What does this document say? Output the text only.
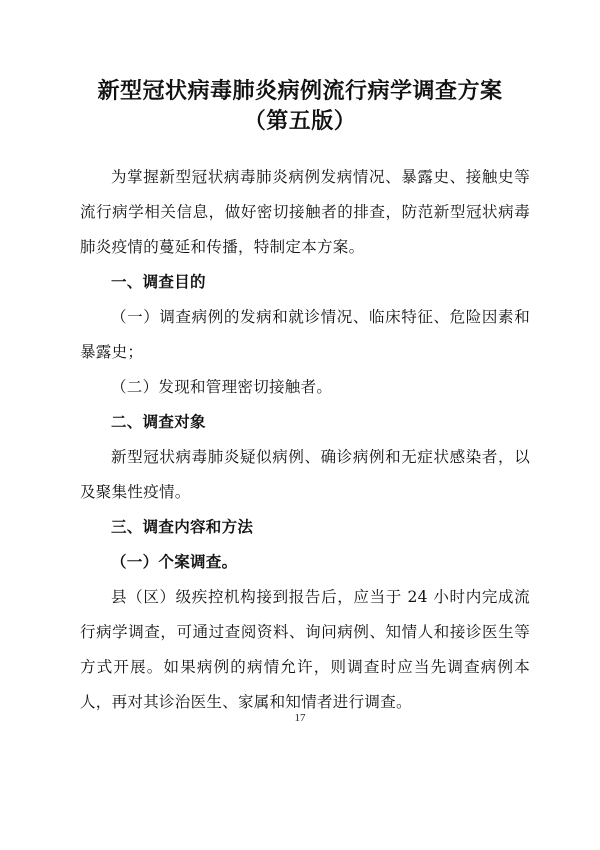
新型冠状病毒肺炎病例流行病学调查方案
（第五版）

为掌握新型冠状病毒肺炎病例发病情况、暴露史、接触史等流行病学相关信息，做好密切接触者的排查，防范新型冠状病毒肺炎疫情的蔓延和传播，特制定本方案。

一、调查目的

（一）调查病例的发病和就诊情况、临床特征、危险因素和暴露史；

（二）发现和管理密切接触者。

二、调查对象

新型冠状病毒肺炎疑似病例、确诊病例和无症状感染者，以及聚集性疫情。

三、调查内容和方法

（一）个案调查。

县（区）级疾控机构接到报告后，应当于 24 小时内完成流行病学调查，可通过查阅资料、询问病例、知情人和接诊医生等方式开展。如果病例的病情允许，则调查时应当先调查病例本人，再对其诊治医生、家属和知情者进行调查。

17
